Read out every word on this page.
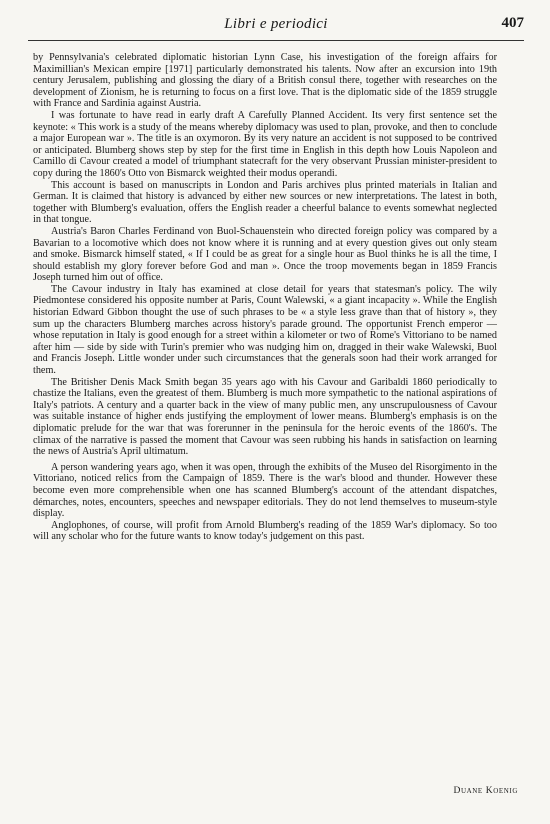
Libri e periodici	407

by Pennsylvania's celebrated diplomatic historian Lynn Case, his investigation of the foreign affairs for Maximillian's Mexican empire [1971] particularly demonstrated his talents. Now after an excursion into 19th century Jerusalem, publishing and glossing the diary of a British consul there, together with researches on the development of Zionism, he is returning to focus on a first love. That is the diplomatic side of the 1859 struggle with France and Sardinia against Austria.

I was fortunate to have read in early draft A Carefully Planned Accident. Its very first sentence set the keynote: « This work is a study of the means whereby diplomacy was used to plan, provoke, and then to conclude a major European war ». The title is an oxymoron. By its very nature an accident is not supposed to be contrived or anticipated. Blumberg shows step by step for the first time in English in this depth how Louis Napoleon and Camillo di Cavour created a model of triumphant statecraft for the very observant Prussian minister-president to copy during the 1860's Otto von Bismarck weighted their modus operandi.

This account is based on manuscripts in London and Paris archives plus printed materials in Italian and German. It is claimed that history is advanced by either new sources or new interpretations. The latest in both, together with Blumberg's evaluation, offers the English reader a cheerful balance to events somewhat neglected in that tongue.

Austria's Baron Charles Ferdinand von Buol-Schauenstein who directed foreign policy was compared by a Bavarian to a locomotive which does not know where it is running and at every question gives out only steam and smoke. Bismarck himself stated, « If I could be as great for a single hour as Buol thinks he is all the time, I should establish my glory forever before God and man ». Once the troop movements began in 1859 Francis Joseph turned him out of office.

The Cavour industry in Italy has examined at close detail for years that statesman's policy. The wily Piedmontese considered his opposite number at Paris, Count Walewski, « a giant incapacity ». While the English historian Edward Gibbon thought the use of such phrases to be « a style less grave than that of history », they sum up the characters Blumberg marches across history's parade ground. The opportunist French emperor — whose reputation in Italy is good enough for a street within a kilometer or two of Rome's Vittoriano to be named after him — side by side with Turin's premier who was nudging him on, dragged in their wake Walewski, Buol and Francis Joseph. Little wonder under such circumstances that the generals soon had their work arranged for them.

The Britisher Denis Mack Smith began 35 years ago with his Cavour and Garibaldi 1860 periodically to chastize the Italians, even the greatest of them. Blumberg is much more sympathetic to the national aspirations of Italy's patriots. A century and a quarter back in the view of many public men, any unscrupulousness of Cavour was suitable instance of higher ends justifying the employment of lower means. Blumberg's emphasis is on the diplomatic prelude for the war that was forerunner in the peninsula for the heroic events of the 1860's. The climax of the narrative is passed the moment that Cavour was seen rubbing his hands in satisfaction on learning the news of Austria's April ultimatum.

A person wandering years ago, when it was open, through the exhibits of the Museo del Risorgimento in the Vittoriano, noticed relics from the Campaign of 1859. There is the war's blood and thunder. However these become even more comprehensible when one has scanned Blumberg's account of the attendant dispatches, démarches, notes, encounters, speeches and newspaper editorials. They do not lend themselves to museum-style display.

Anglophones, of course, will profit from Arnold Blumberg's reading of the 1859 War's diplomacy. So too will any scholar who for the future wants to know today's judgement on this past.

Duane Koenig
